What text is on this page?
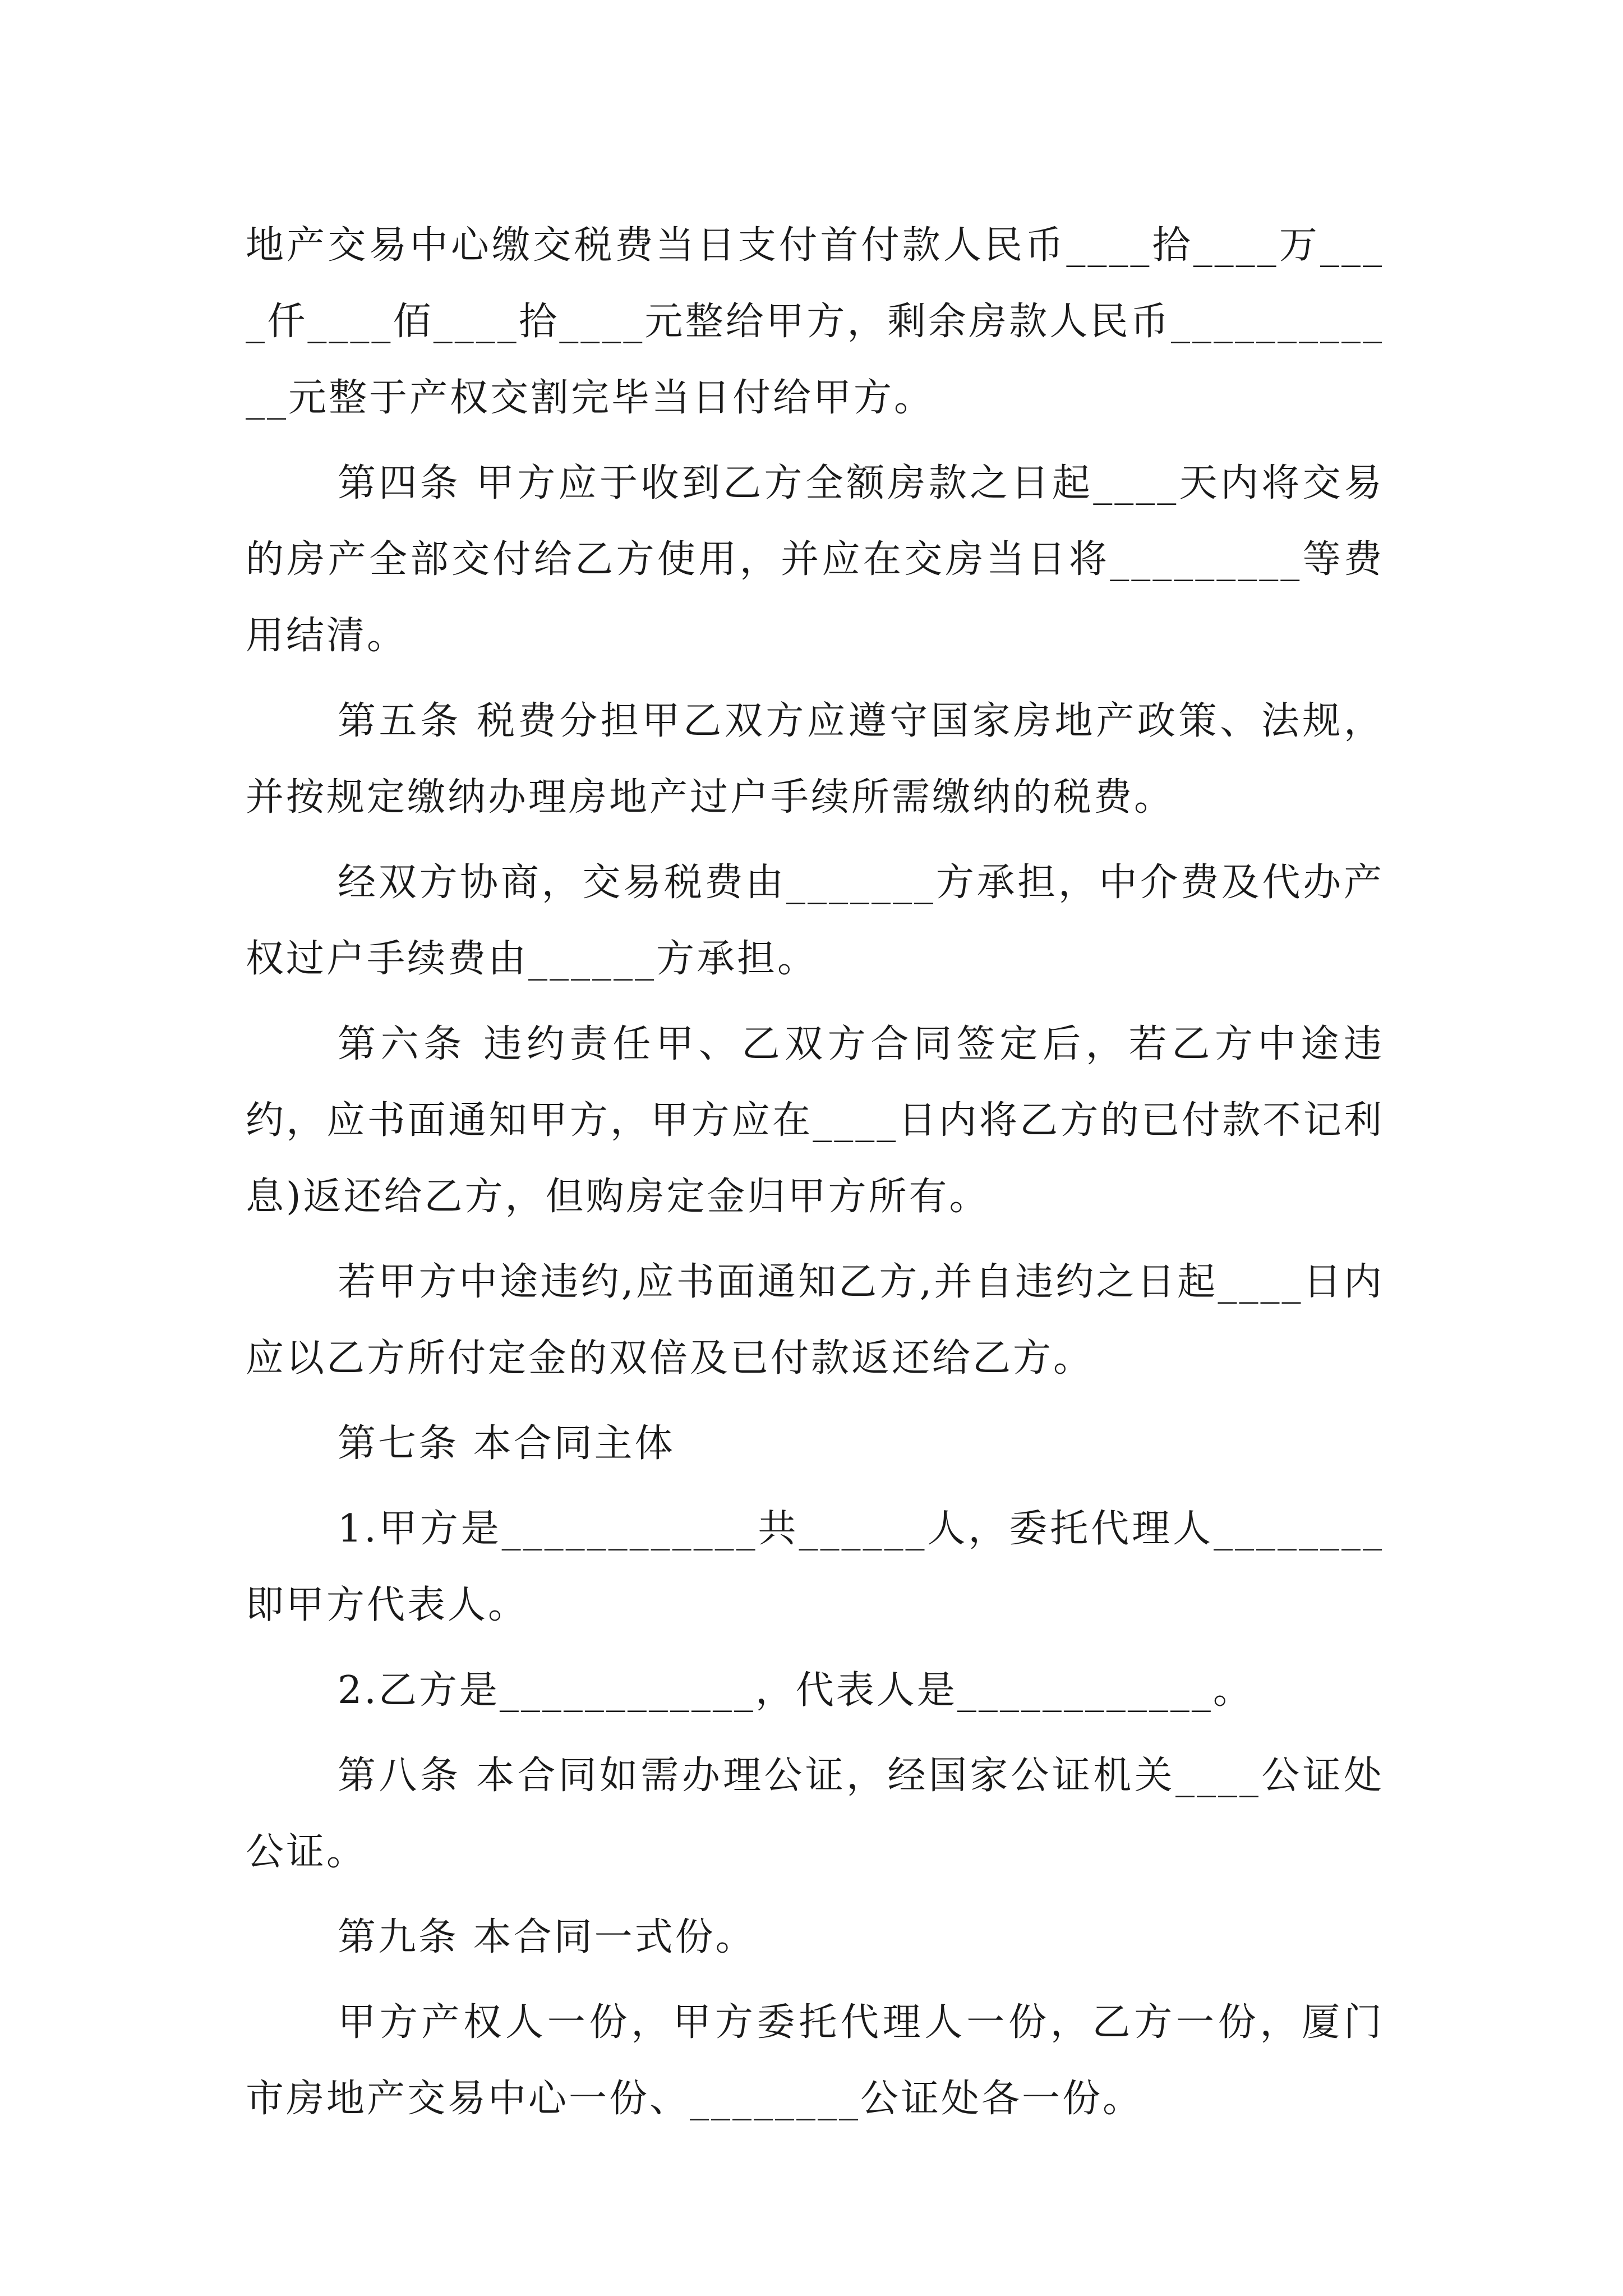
地产交易中心缴交税费当日支付首付款人民币____拾____万____仟____佰____拾____元整给甲方，剩余房款人民币____________元整于产权交割完毕当日付给甲方。

第四条 甲方应于收到乙方全额房款之日起____天内将交易的房产全部交付给乙方使用，并应在交房当日将_________等费用结清。

第五条 税费分担甲乙双方应遵守国家房地产政策、法规，并按规定缴纳办理房地产过户手续所需缴纳的税费。

经双方协商，交易税费由_______方承担，中介费及代办产权过户手续费由______方承担。

第六条 违约责任甲、乙双方合同签定后，若乙方中途违约，应书面通知甲方，甲方应在____日内将乙方的已付款不记利息)返还给乙方，但购房定金归甲方所有。

若甲方中途违约,应书面通知乙方,并自违约之日起____日内应以乙方所付定金的双倍及已付款返还给乙方。

第七条 本合同主体

1.甲方是____________共______人，委托代理人________即甲方代表人。

2.乙方是____________，代表人是____________。

第八条 本合同如需办理公证，经国家公证机关____公证处公证。

第九条 本合同一式份。

甲方产权人一份，甲方委托代理人一份，乙方一份，厦门市房地产交易中心一份、________公证处各一份。
